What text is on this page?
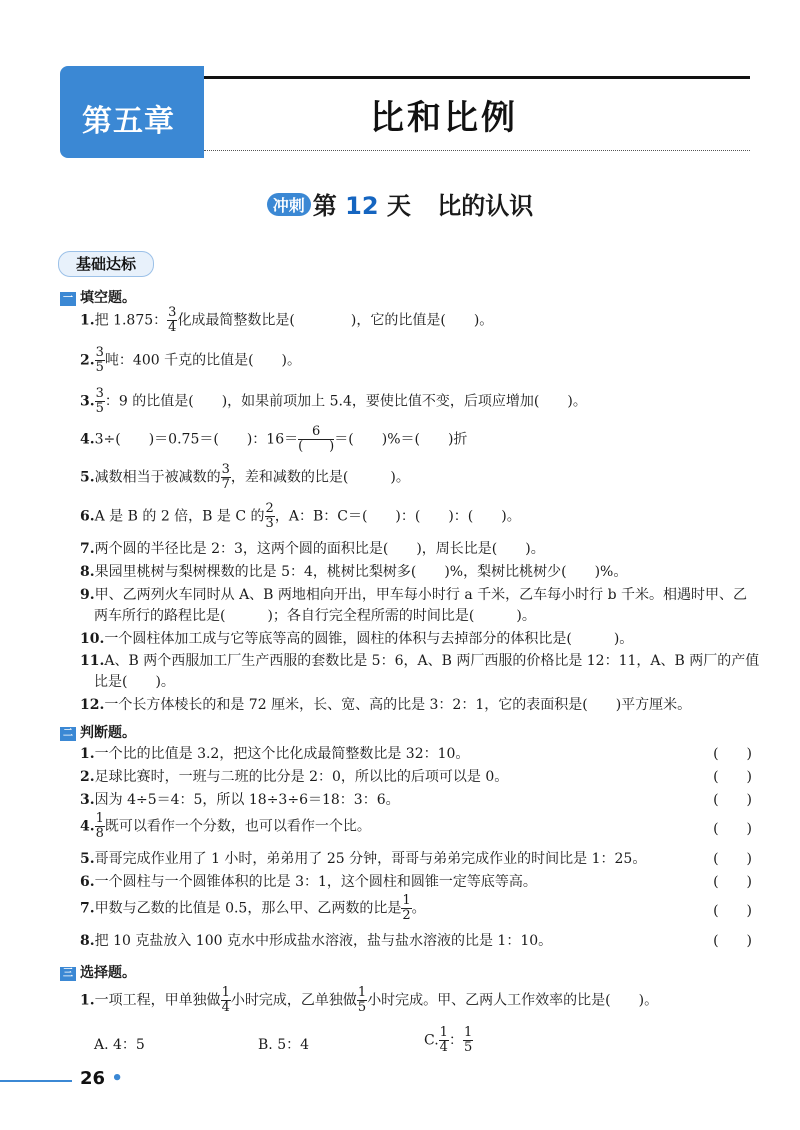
第五章	比和比例
冲刺 第 12 天 比的认识
基础达标
一 填空题。
1.把 1.875： $\frac{3}{4}$ 化成最简整数比是(　　　　)，它的比值是(　　)。
2. $\frac{3}{5}$ 吨：400 千克的比值是(　　)。
3. $\frac{3}{5}$ ：9 的比值是(　　)，如果前项加上 5.4，要使比值不变，后项应增加(　　)。
4.3÷(　　)＝0.75＝(　　)：$16= \frac{6}{( )}$ ＝(　　)%＝(　　)折
5.减数相当于被减数的 $\frac{3}{7}$ ，差和减数的比是(　　　)。
6.A 是 B 的 2 倍，B 是 C 的 $\frac{2}{3}$ ，A：B：C＝(　　)：(　　)：(　　)。
7.两个圆的半径比是 2：3，这两个圆的面积比是(　　)，周长比是(　　)。
8.果园里桃树与梨树棵数的比是 5：4，桃树比梨树多(　　)%，梨树比桃树少(　　)%。
9.甲、乙两列火车同时从 A、B 两地相向开出，甲车每小时行 a 千米，乙车每小时行 b 千米。相遇时甲、乙
两车所行的路程比是(　　　)；各自行完全程所需的时间比是(　　　)。
10.一个圆柱体加工成与它等底等高的圆锥，圆柱的体积与去掉部分的体积比是(　　　)。
11.A、B 两个西服加工厂生产西服的套数比是 5：6，A、B 两厂西服的价格比是 12：11，A、B 两厂的产值
比是(　　)。
12.一个长方体棱长的和是 72 厘米，长、宽、高的比是 3：2：1，它的表面积是(　　)平方厘米。
二 判断题。
1.一个比的比值是 3.2，把这个比化成最简整数比是 32：10。	(　　)
2.足球比赛时，一班与二班的比分是 2：0，所以比的后项可以是 0。	(　　)
3.因为 4÷5＝4：5，所以 18÷3÷6＝18：3：6。	(　　)
4. $\frac{1}{8}$ 既可以看作一个分数，也可以看作一个比。	(　　)
5.哥哥完成作业用了 1 小时，弟弟用了 25 分钟，哥哥与弟弟完成作业的时间比是 1：25。	(　　)
6.一个圆柱与一个圆锥体积的比是 3：1，这个圆柱和圆锥一定等底等高。	(　　)
7.甲数与乙数的比值是 0.5，那么甲、乙两数的比是 $\frac{1}{2}$ 。	(　　)
8.把 10 克盐放入 100 克水中形成盐水溶液，盐与盐水溶液的比是 1：10。	(　　)
三 选择题。
1.一项工程，甲单独做 $\frac{1}{4}$ 小时完成，乙单独做 $\frac{1}{5}$ 小时完成。甲、乙两人工作效率的比是(　　)。
A. 4：5	B. 5：4	C. $\frac{1}{4}$ ： $\frac{1}{5}$
26 •
